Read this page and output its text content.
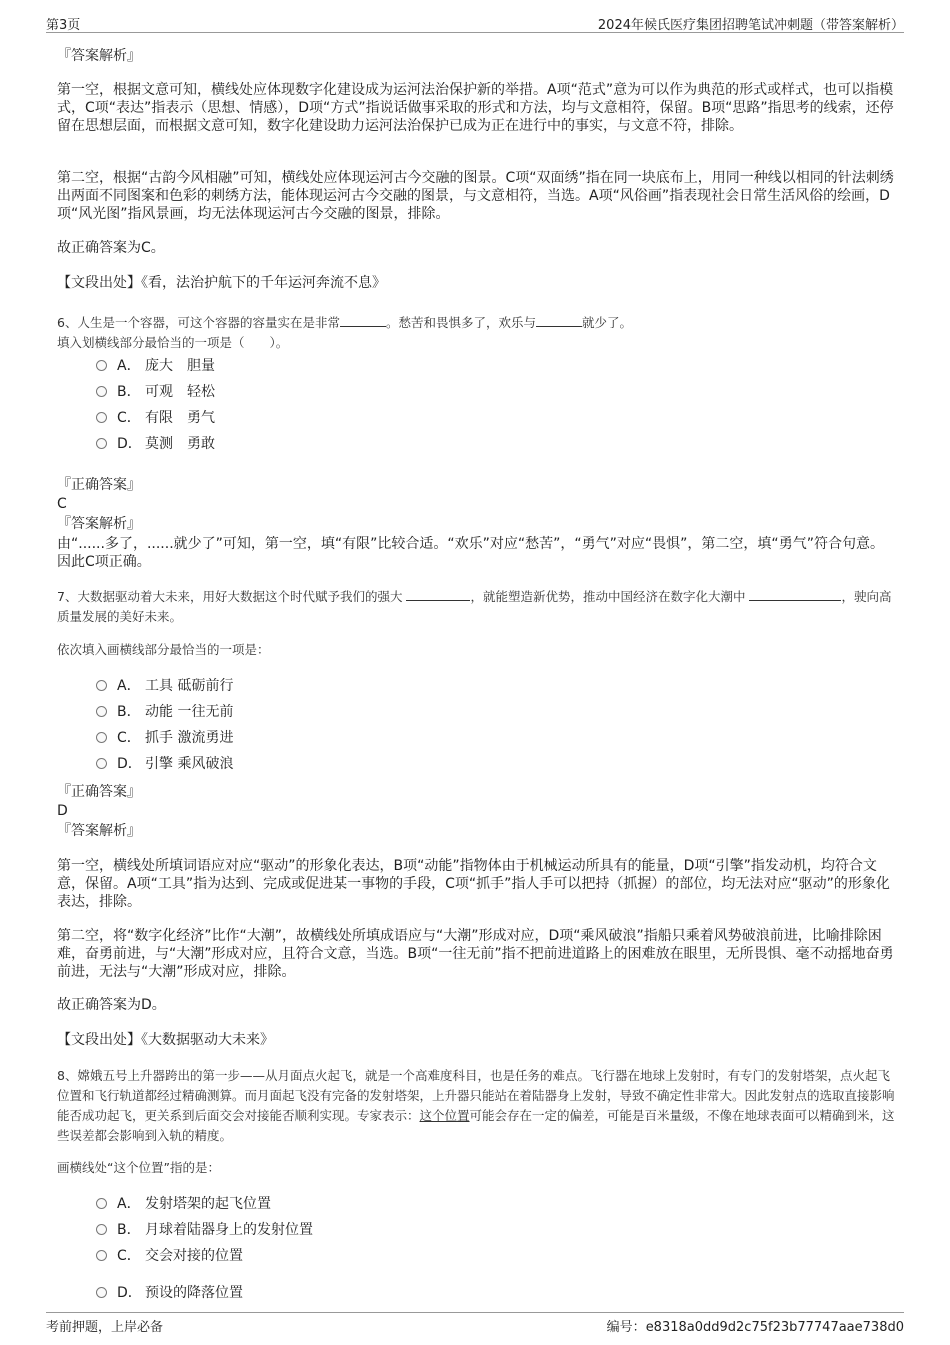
第3页	2024年候氏医疗集团招聘笔试冲刺题（带答案解析）
『答案解析』
第一空，根据文意可知，横线处应体现数字化建设成为运河法治保护新的举措。A项“范式”意为可以作为典范的形式或样式，也可以指模式，C项“表达”指表示（思想、情感），D项“方式”指说话做事采取的形式和方法，均与文意相符，保留。B项“思路”指思考的线索，还停留在思想层面，而根据文意可知，数字化建设助力运河法治保护已成为正在进行中的事实，与文意不符，排除。
第二空，根据“古韵今风相融”可知，横线处应体现运河古今交融的图景。C项“双面绣”指在同一块底布上，用同一种线以相同的针法刺绣出两面不同图案和色彩的刺绣方法，能体现运河古今交融的图景，与文意相符，当选。A项“风俗画”指表现社会日常生活风俗的绘画，D项“风光图”指风景画，均无法体现运河古今交融的图景，排除。
故正确答案为C。
【文段出处】《看，法治护航下的千年运河奔流不息》
6、人生是一个容器，可这个容器的容量实在是非常	。愁苦和畏惧多了，欢乐与	就少了。
填入划横线部分最恰当的一项是（　　）。
A． 庞大　胆量
B． 可观　轻松
C． 有限　勇气
D． 莫测　勇敢
『正确答案』
C
『答案解析』
由“......多了，......就少了”可知，第一空，填“有限”比较合适。“欢乐”对应“愁苦”，“勇气”对应“畏惧”，第二空，填“勇气”符合句意。因此C项正确。
7、大数据驱动着大未来，用好大数据这个时代赋予我们的强大	，就能塑造新优势，推动中国经济在数字化大潮中	，驶向高质量发展的美好未来。
依次填入画横线部分最恰当的一项是：
A． 工具 砥砺前行
B． 动能 一往无前
C． 抓手 激流勇进
D． 引擎 乘风破浪
『正确答案』
D
『答案解析』
第一空，横线处所填词语应对应“驱动”的形象化表达，B项“动能”指物体由于机械运动所具有的能量，D项“引擎”指发动机，均符合文意，保留。A项“工具”指为达到、完成或促进某一事物的手段，C项“抓手”指人手可以把持（抓握）的部位，均无法对应“驱动”的形象化表达，排除。
第二空，将“数字化经济”比作“大潮”，故横线处所填成语应与“大潮”形成对应，D项“乘风破浪”指船只乘着风势破浪前进，比喻排除困难，奋勇前进，与“大潮”形成对应，且符合文意，当选。B项“一往无前”指不把前进道路上的困难放在眼里，无所畏惧、毫不动摇地奋勇前进，无法与“大潮”形成对应，排除。
故正确答案为D。
【文段出处】《大数据驱动大未来》
8、嫦娥五号上升器跨出的第一步——从月面点火起飞，就是一个高难度科目，也是任务的难点。飞行器在地球上发射时，有专门的发射塔架，点火起飞位置和飞行轨道都经过精确测算。而月面起飞没有完备的发射塔架，上升器只能站在着陆器身上发射，导致不确定性非常大。因此发射点的选取直接影响能否成功起飞，更关系到后面交会对接能否顺利实现。专家表示：这个位置可能会存在一定的偏差，可能是百米量级，不像在地球表面可以精确到米，这些误差都会影响到入轨的精度。
画横线处“这个位置”指的是：
A． 发射塔架的起飞位置
B． 月球着陆器身上的发射位置
C． 交会对接的位置
D． 预设的降落位置
考前押题，上岸必备	编号：e8318a0dd9d2c75f23b77747aae738d0
